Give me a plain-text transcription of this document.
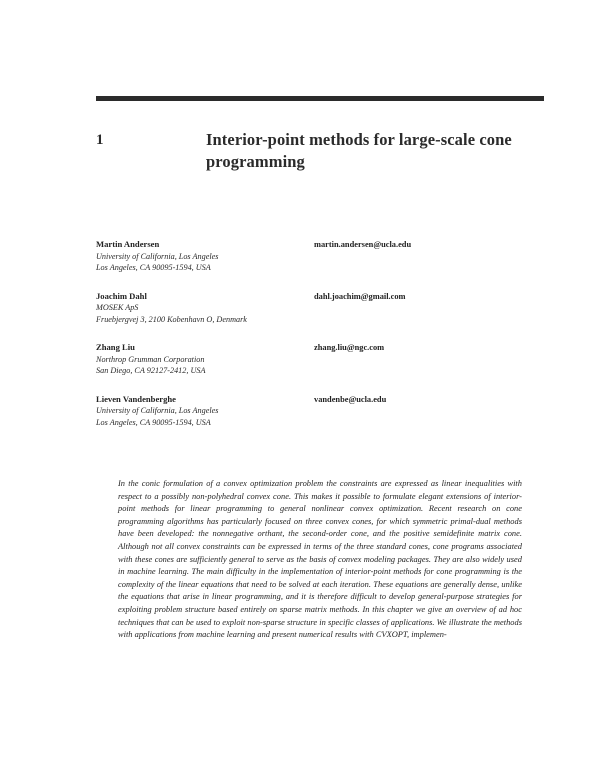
1	Interior-point methods for large-scale cone programming
Martin Andersen
University of California, Los Angeles
Los Angeles, CA 90095-1594, USA
martin.andersen@ucla.edu
Joachim Dahl
MOSEK ApS
Fruebjergvej 3, 2100 Kobenhavn O, Denmark
dahl.joachim@gmail.com
Zhang Liu
Northrop Grumman Corporation
San Diego, CA 92127-2412, USA
zhang.liu@ngc.com
Lieven Vandenberghe
University of California, Los Angeles
Los Angeles, CA 90095-1594, USA
vandenbe@ucla.edu
In the conic formulation of a convex optimization problem the constraints are expressed as linear inequalities with respect to a possibly non-polyhedral convex cone. This makes it possible to formulate elegant extensions of interior-point methods for linear programming to general nonlinear convex optimization. Recent research on cone programming algorithms has particularly focused on three convex cones, for which symmetric primal-dual methods have been developed: the nonnegative orthant, the second-order cone, and the positive semidefinite matrix cone. Although not all convex constraints can be expressed in terms of the three standard cones, cone programs associated with these cones are sufficiently general to serve as the basis of convex modeling packages. They are also widely used in machine learning. The main difficulty in the implementation of interior-point methods for cone programming is the complexity of the linear equations that need to be solved at each iteration. These equations are generally dense, unlike the equations that arise in linear programming, and it is therefore difficult to develop general-purpose strategies for exploiting problem structure based entirely on sparse matrix methods. In this chapter we give an overview of ad hoc techniques that can be used to exploit non-sparse structure in specific classes of applications. We illustrate the methods with applications from machine learning and present numerical results with CVXOPT, implemen-
